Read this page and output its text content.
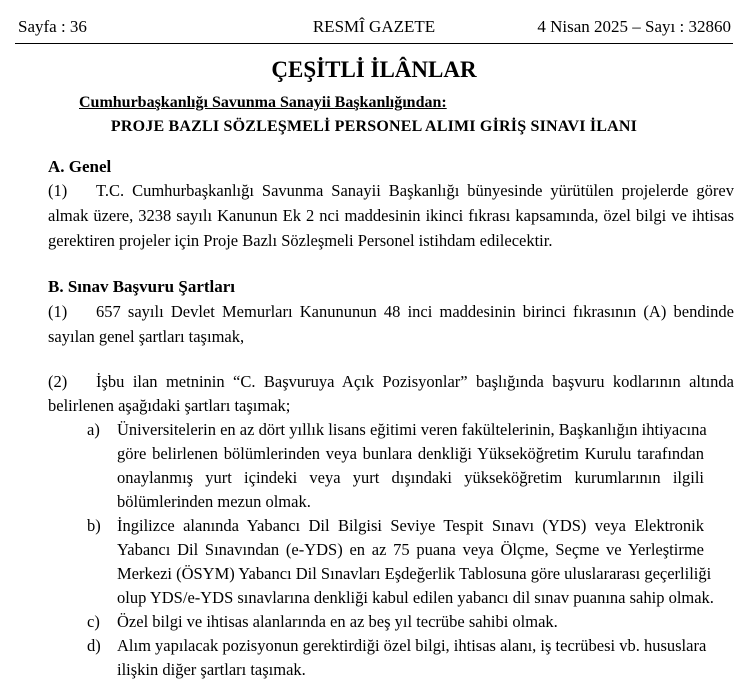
Sayfa : 36	RESMÎ GAZETE	4 Nisan 2025 – Sayı : 32860
ÇEŞİTLİ İLÂNLAR
Cumhurbaşkanlığı Savunma Sanayii Başkanlığından:
PROJE BAZLI SÖZLEŞMELİ PERSONEL ALIMI GİRİŞ SINAVI İLANI
A. Genel
(1) T.C. Cumhurbaşkanlığı Savunma Sanayii Başkanlığı bünyesinde yürütülen projelerde görev
almak üzere, 3238 sayılı Kanunun Ek 2 nci maddesinin ikinci fıkrası kapsamında, özel bilgi ve ihtisas
gerektiren projeler için Proje Bazlı Sözleşmeli Personel istihdam edilecektir.
B. Sınav Başvuru Şartları
(1) 657 sayılı Devlet Memurları Kanununun 48 inci maddesinin birinci fıkrasının (A) bendinde
sayılan genel şartları taşımak,
(2) İşbu ilan metninin “C. Başvuruya Açık Pozisyonlar” başlığında başvuru kodlarının altında
belirlenen aşağıdaki şartları taşımak;
a) Üniversitelerin en az dört yıllık lisans eğitimi veren fakültelerinin, Başkanlığın ihtiyacına
göre belirlenen bölümlerinden veya bunlara denkliği Yükseköğretim Kurulu tarafından
onaylanmış yurt içindeki veya yurt dışındaki yükseköğretim kurumlarının ilgili
bölümlerinden mezun olmak.
b) İngilizce alanında Yabancı Dil Bilgisi Seviye Tespit Sınavı (YDS) veya Elektronik
Yabancı Dil Sınavından (e-YDS) en az 75 puana veya Ölçme, Seçme ve Yerleştirme
Merkezi (ÖSYM) Yabancı Dil Sınavları Eşdeğerlik Tablosuna göre uluslararası geçerliliği
olup YDS/e-YDS sınavlarına denkliği kabul edilen yabancı dil sınav puanına sahip olmak.
c) Özel bilgi ve ihtisas alanlarında en az beş yıl tecrübe sahibi olmak.
d) Alım yapılacak pozisyonun gerektirdiği özel bilgi, ihtisas alanı, iş tecrübesi vb. hususlara
ilişkin diğer şartları taşımak.
